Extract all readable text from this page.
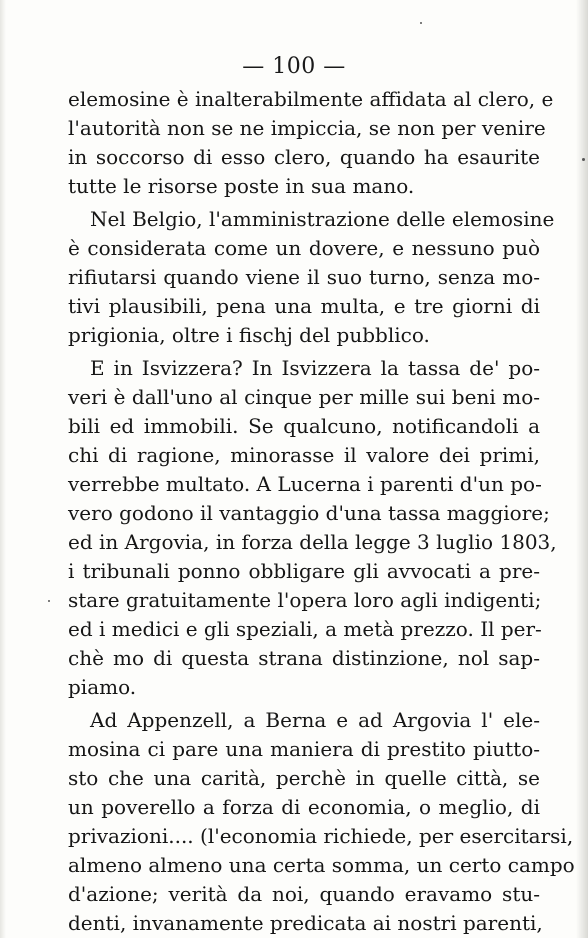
— 100 —
elemosine è inalterabilmente affidata al clero, e
l'autorità non se ne impiccia, se non per venire
in soccorso di esso clero, quando ha esaurite
tutte le risorse poste in sua mano.
Nel Belgio, l'amministrazione delle elemosine
è considerata come un dovere, e nessuno può
rifiutarsi quando viene il suo turno, senza mo-
tivi plausibili, pena una multa, e tre giorni di
prigionia, oltre i fischj del pubblico.
E in Isvizzera? In Isvizzera la tassa de' po-
veri è dall'uno al cinque per mille sui beni mo-
bili ed immobili. Se qualcuno, notificandoli a
chi di ragione, minorasse il valore dei primi,
verrebbe multato. A Lucerna i parenti d'un po-
vero godono il vantaggio d'una tassa maggiore;
ed in Argovia, in forza della legge 3 luglio 1803,
i tribunali ponno obbligare gli avvocati a pre-
stare gratuitamente l'opera loro agli indigenti;
ed i medici e gli speziali, a metà prezzo. Il per-
chè mo di questa strana distinzione, nol sap-
piamo.
Ad Appenzell, a Berna e ad Argovia l' ele-
mosina ci pare una maniera di prestito piutto-
sto che una carità, perchè in quelle città, se
un poverello a forza di economia, o meglio, di
privazioni.... (l'economia richiede, per esercitarsi,
almeno almeno una certa somma, un certo campo
d'azione; verità da noi, quando eravamo stu-
denti, invanamente predicata ai nostri parenti,
